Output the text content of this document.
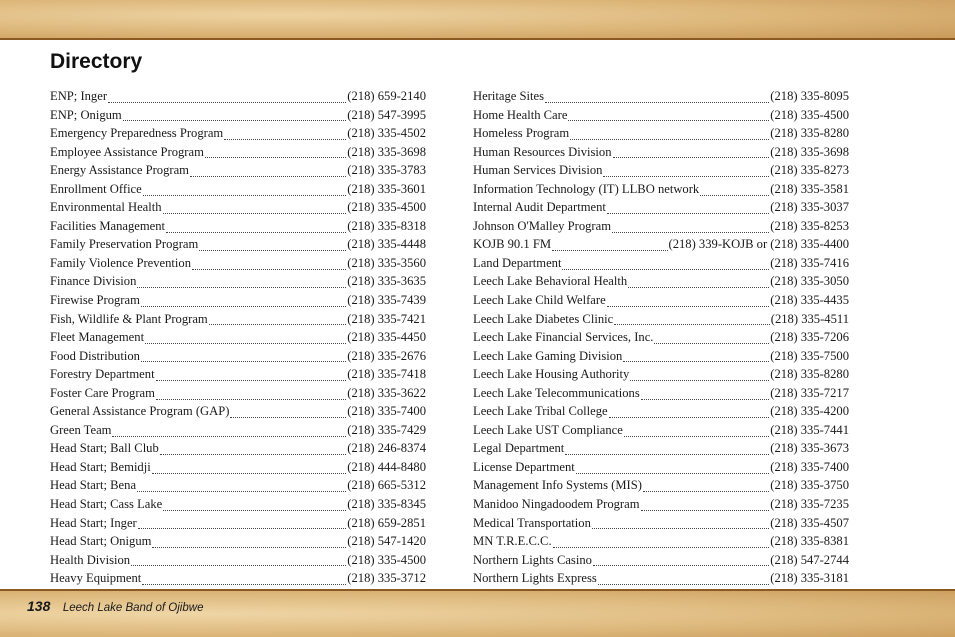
Directory
ENP; Inger	(218) 659-2140
ENP; Onigum	(218) 547-3995
Emergency Preparedness Program	(218) 335-4502
Employee Assistance Program	(218) 335-3698
Energy Assistance Program	(218) 335-3783
Enrollment Office	(218) 335-3601
Environmental Health	(218) 335-4500
Facilities Management	(218) 335-8318
Family Preservation Program	(218) 335-4448
Family Violence Prevention	(218) 335-3560
Finance Division	(218) 335-3635
Firewise Program	(218) 335-7439
Fish, Wildlife & Plant Program	(218) 335-7421
Fleet Management	(218) 335-4450
Food Distribution	(218) 335-2676
Forestry Department	(218) 335-7418
Foster Care Program	(218) 335-3622
General Assistance Program (GAP)	(218) 335-7400
Green Team	(218) 335-7429
Head Start; Ball Club	(218) 246-8374
Head Start; Bemidji	(218) 444-8480
Head Start; Bena	(218) 665-5312
Head Start; Cass Lake	(218) 335-8345
Head Start; Inger	(218) 659-2851
Head Start; Onigum	(218) 547-1420
Health Division	(218) 335-4500
Heavy Equipment	(218) 335-3712
Heritage Sites	(218) 335-8095
Home Health Care	(218) 335-4500
Homeless Program	(218) 335-8280
Human Resources Division	(218) 335-3698
Human Services Division	(218) 335-8273
Information Technology (IT) LLBO network	(218) 335-3581
Internal Audit Department	(218) 335-3037
Johnson O'Malley Program	(218) 335-8253
KOJB 90.1 FM	(218) 339-KOJB or (218) 335-4400
Land Department	(218) 335-7416
Leech Lake Behavioral Health	(218) 335-3050
Leech Lake Child Welfare	(218) 335-4435
Leech Lake Diabetes Clinic	(218) 335-4511
Leech Lake Financial Services, Inc.	(218) 335-7206
Leech Lake Gaming Division	(218) 335-7500
Leech Lake Housing Authority	(218) 335-8280
Leech Lake Telecommunications	(218) 335-7217
Leech Lake Tribal College	(218) 335-4200
Leech Lake UST Compliance	(218) 335-7441
Legal Department	(218) 335-3673
License Department	(218) 335-7400
Management Info Systems (MIS)	(218) 335-3750
Manidoo Ningadoodem Program	(218) 335-7235
Medical Transportation	(218) 335-4507
MN T.R.E.C.C.	(218) 335-8381
Northern Lights Casino	(218) 547-2744
Northern Lights Express	(218) 335-3181
138 Leech Lake Band of Ojibwe
